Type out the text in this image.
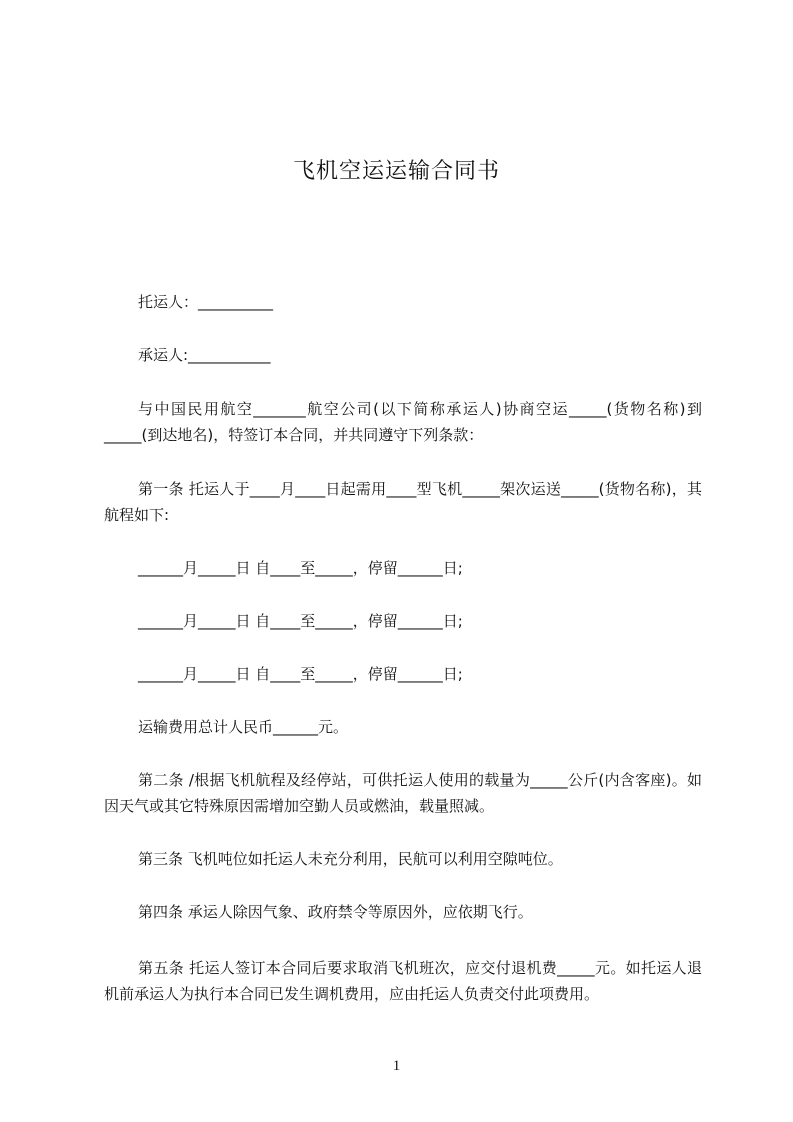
飞机空运运输合同书
托运人：__________
承运人:___________

与中国民用航空_______航空公司(以下简称承运人)协商空运_____(货物名称)到_____(到达地名)，特签订本合同，并共同遵守下列条款：

第一条 托运人于____月____日起需用____型飞机_____架次运送_____(货物名称)，其航程如下:

______月_____日 自____至_____，停留______日;
______月_____日 自____至_____，停留______日;
______月_____日 自____至_____，停留______日;
运输费用总计人民币______元。

第二条 /根据飞机航程及经停站，可供托运人使用的载量为_____公斤(内含客座)。如因天气或其它特殊原因需增加空勤人员或燃油，载量照减。

第三条 飞机吨位如托运人未充分利用，民航可以利用空隙吨位。

第四条 承运人除因气象、政府禁令等原因外，应依期飞行。

第五条 托运人签订本合同后要求取消飞机班次，应交付退机费_____元。如托运人退机前承运人为执行本合同已发生调机费用，应由托运人负责交付此项费用。

1
